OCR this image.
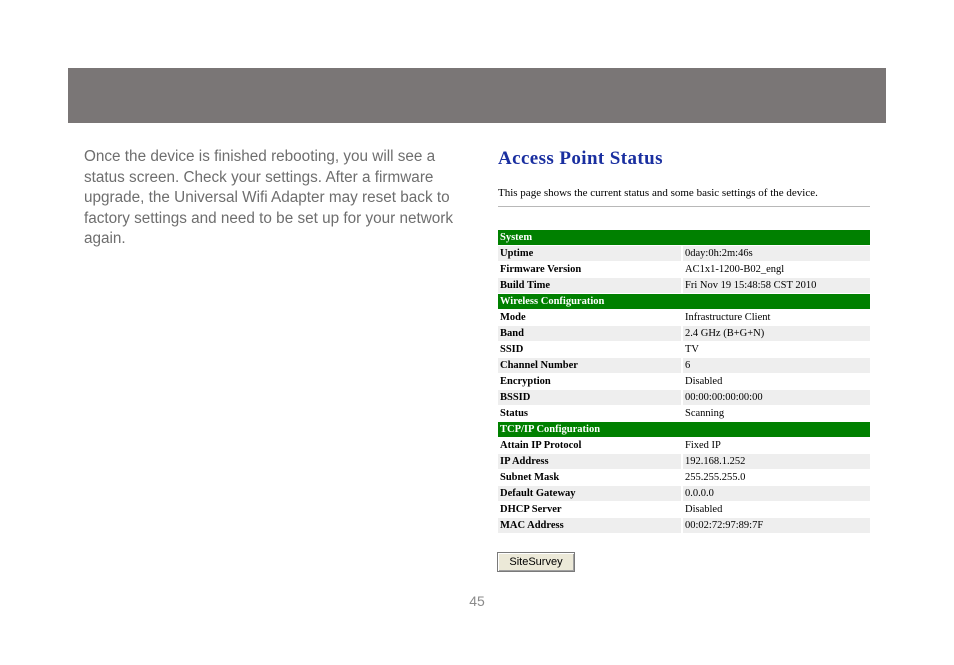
Once the device is finished rebooting, you will see a status screen. Check your settings. After a firmware upgrade, the Universal Wifi Adapter may reset back to factory settings and need to be set up for your network again.
Access Point Status
This page shows the current status and some basic settings of the device.
System
Uptime	0day:0h:2m:46s
Firmware Version	AC1x1-1200-B02_engl
Build Time	Fri Nov 19 15:48:58 CST 2010
Wireless Configuration
Mode	Infrastructure Client
Band	2.4 GHz (B+G+N)
SSID	TV
Channel Number	6
Encryption	Disabled
BSSID	00:00:00:00:00:00
Status	Scanning
TCP/IP Configuration
Attain IP Protocol	Fixed IP
IP Address	192.168.1.252
Subnet Mask	255.255.255.0
Default Gateway	0.0.0.0
DHCP Server	Disabled
MAC Address	00:02:72:97:89:7F
SiteSurvey
45
